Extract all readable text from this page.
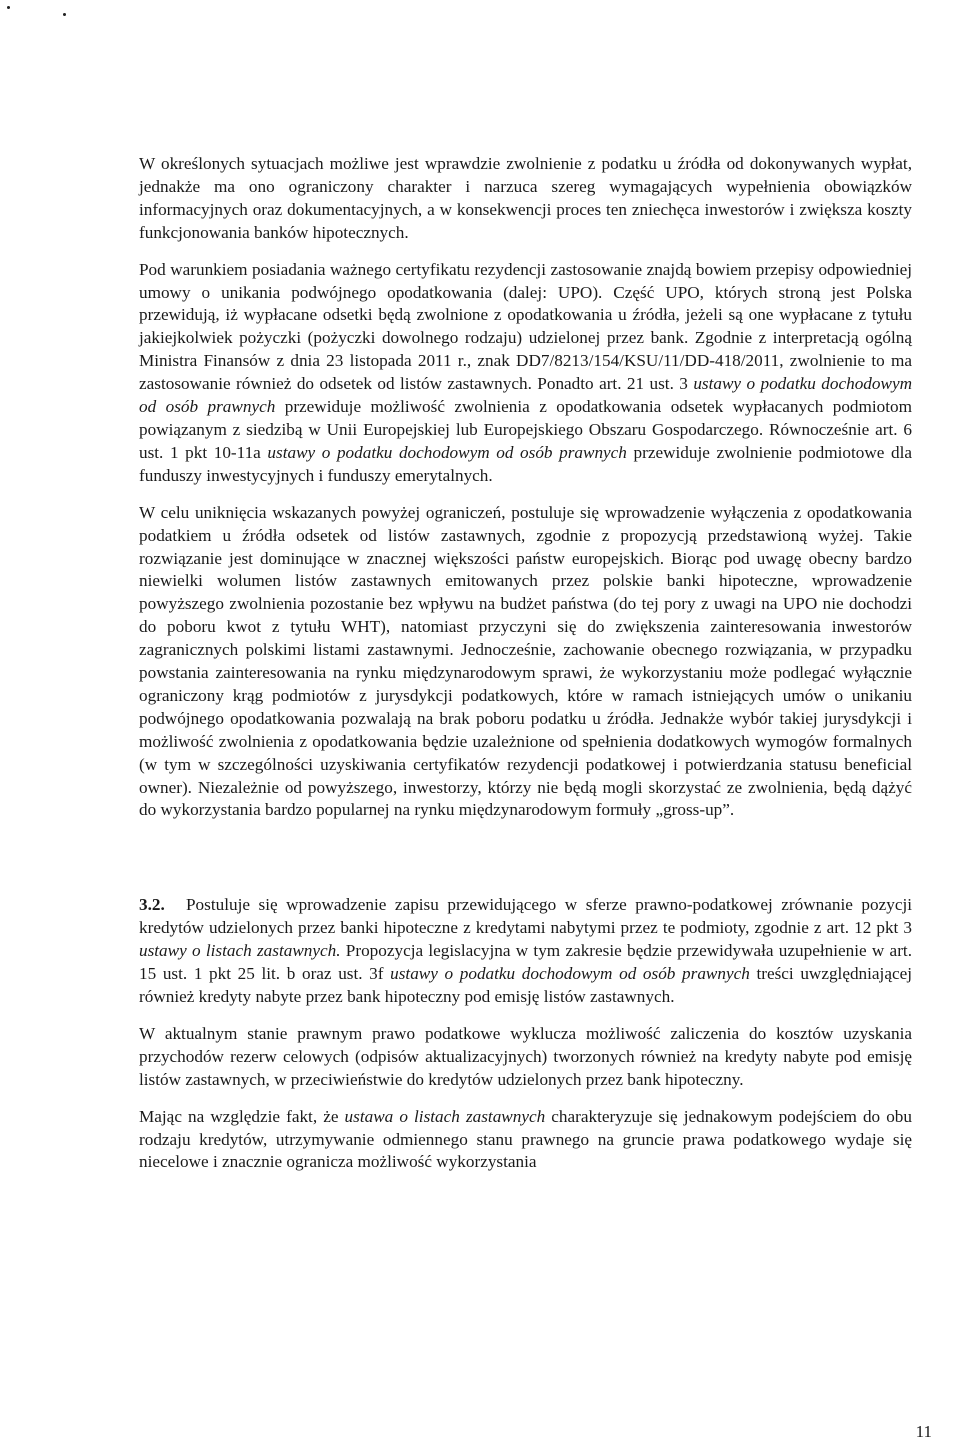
W określonych sytuacjach możliwe jest wprawdzie zwolnienie z podatku u źródła od dokonywanych wypłat, jednakże ma ono ograniczony charakter i narzuca szereg wymagających wypełnienia obowiązków informacyjnych oraz dokumentacyjnych, a w konsekwencji proces ten zniechęca inwestorów i zwiększa koszty funkcjonowania banków hipotecznych.

Pod warunkiem posiadania ważnego certyfikatu rezydencji zastosowanie znajdą bowiem przepisy odpowiedniej umowy o unikania podwójnego opodatkowania (dalej: UPO). Część UPO, których stroną jest Polska przewidują, iż wypłacane odsetki będą zwolnione z opodatkowania u źródła, jeżeli są one wypłacane z tytułu jakiejkolwiek pożyczki (pożyczki dowolnego rodzaju) udzielonej przez bank. Zgodnie z interpretacją ogólną Ministra Finansów z dnia 23 listopada 2011 r., znak DD7/8213/154/KSU/11/DD-418/2011, zwolnienie to ma zastosowanie również do odsetek od listów zastawnych. Ponadto art. 21 ust. 3 ustawy o podatku dochodowym od osób prawnych przewiduje możliwość zwolnienia z opodatkowania odsetek wypłacanych podmiotom powiązanym z siedzibą w Unii Europejskiej lub Europejskiego Obszaru Gospodarczego. Równocześnie art. 6 ust. 1 pkt 10-11a ustawy o podatku dochodowym od osób prawnych przewiduje zwolnienie podmiotowe dla funduszy inwestycyjnych i funduszy emerytalnych.

W celu uniknięcia wskazanych powyżej ograniczeń, postuluje się wprowadzenie wyłączenia z opodatkowania podatkiem u źródła odsetek od listów zastawnych, zgodnie z propozycją przedstawioną wyżej. Takie rozwiązanie jest dominujące w znacznej większości państw europejskich. Biorąc pod uwagę obecny bardzo niewielki wolumen listów zastawnych emitowanych przez polskie banki hipoteczne, wprowadzenie powyższego zwolnienia pozostanie bez wpływu na budżet państwa (do tej pory z uwagi na UPO nie dochodzi do poboru kwot z tytułu WHT), natomiast przyczyni się do zwiększenia zainteresowania inwestorów zagranicznych polskimi listami zastawnymi. Jednocześnie, zachowanie obecnego rozwiązania, w przypadku powstania zainteresowania na rynku międzynarodowym sprawi, że wykorzystaniu może podlegać wyłącznie ograniczony krąg podmiotów z jurysdykcji podatkowych, które w ramach istniejących umów o unikaniu podwójnego opodatkowania pozwalają na brak poboru podatku u źródła. Jednakże wybór takiej jurysdykcji i możliwość zwolnienia z opodatkowania będzie uzależnione od spełnienia dodatkowych wymogów formalnych (w tym w szczególności uzyskiwania certyfikatów rezydencji podatkowej i potwierdzania statusu beneficial owner). Niezależnie od powyższego, inwestorzy, którzy nie będą mogli skorzystać ze zwolnienia, będą dążyć do wykorzystania bardzo popularnej na rynku międzynarodowym formuły „gross-up”.

3.2. Postuluje się wprowadzenie zapisu przewidującego w sferze prawno-podatkowej zrównanie pozycji kredytów udzielonych przez banki hipoteczne z kredytami nabytymi przez te podmioty, zgodnie z art. 12 pkt 3 ustawy o listach zastawnych. Propozycja legislacyjna w tym zakresie będzie przewidywała uzupełnienie w art. 15 ust. 1 pkt 25 lit. b oraz ust. 3f ustawy o podatku dochodowym od osób prawnych treści uwzględniającej również kredyty nabyte przez bank hipoteczny pod emisję listów zastawnych.

W aktualnym stanie prawnym prawo podatkowe wyklucza możliwość zaliczenia do kosztów uzyskania przychodów rezerw celowych (odpisów aktualizacyjnych) tworzonych również na kredyty nabyte pod emisję listów zastawnych, w przeciwieństwie do kredytów udzielonych przez bank hipoteczny.

Mając na względzie fakt, że ustawa o listach zastawnych charakteryzuje się jednakowym podejściem do obu rodzaju kredytów, utrzymywanie odmiennego stanu prawnego na gruncie prawa podatkowego wydaje się niecelowe i znacznie ogranicza możliwość wykorzystania

11
